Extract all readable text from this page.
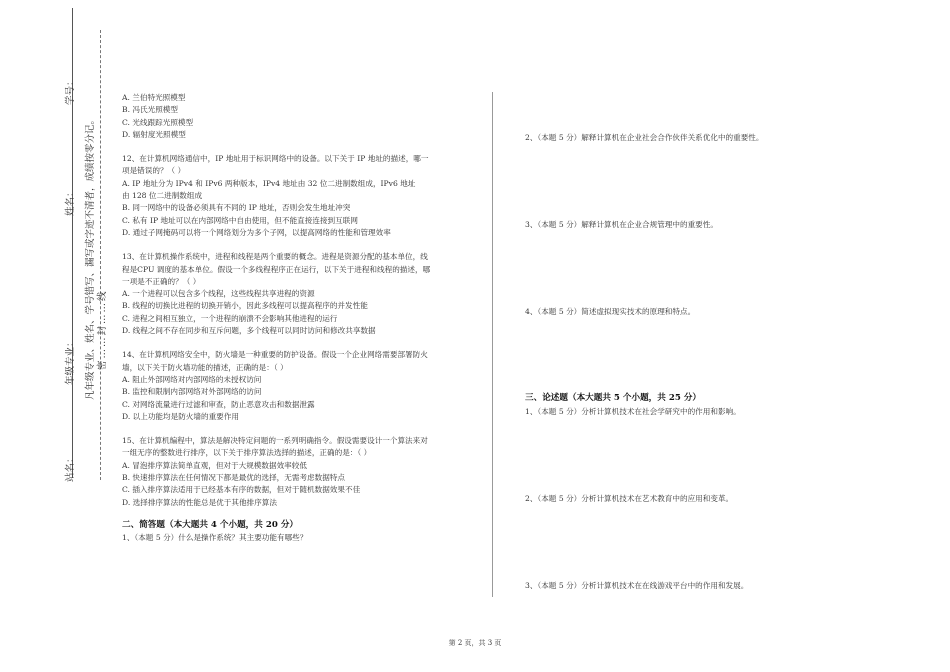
学号：
姓名：
年级专业：
站名：
凡年级专业、姓名、学号错写、漏写或字迹不清者，成绩按零分记。 密……封……线
A. 兰伯特光照模型
B. 冯氏光照模型
C. 光线跟踪光照模型
D. 辐射度光照模型
12、在计算机网络通信中，IP 地址用于标识网络中的设备。以下关于 IP 地址的描述，哪一
项是错误的？（ ）
A. IP 地址分为 IPv4 和 IPv6 两种版本，IPv4 地址由 32 位二进制数组成，IPv6 地址
由 128 位二进制数组成
B. 同一网络中的设备必须具有不同的 IP 地址，否则会发生地址冲突
C. 私有 IP 地址可以在内部网络中自由使用，但不能直接连接到互联网
D. 通过子网掩码可以将一个网络划分为多个子网，以提高网络的性能和管理效率
13、在计算机操作系统中，进程和线程是两个重要的概念。进程是资源分配的基本单位，线
程是CPU 调度的基本单位。假设一个多线程程序正在运行，以下关于进程和线程的描述，哪
一项是不正确的？（ ）
A. 一个进程可以包含多个线程，这些线程共享进程的资源
B. 线程的切换比进程的切换开销小，因此多线程可以提高程序的并发性能
C. 进程之间相互独立，一个进程的崩溃不会影响其他进程的运行
D. 线程之间不存在同步和互斥问题，多个线程可以同时访问和修改共享数据
14、在计算机网络安全中，防火墙是一种重要的防护设备。假设一个企业网络需要部署防火
墙，以下关于防火墙功能的描述，正确的是：（ ）
A. 阻止外部网络对内部网络的未授权访问
B. 监控和限制内部网络对外部网络的访问
C. 对网络流量进行过滤和审查，防止恶意攻击和数据泄露
D. 以上功能均是防火墙的重要作用
15、在计算机编程中，算法是解决特定问题的一系列明确指令。假设需要设计一个算法来对
一组无序的整数进行排序，以下关于排序算法选择的描述，正确的是：（ ）
A. 冒泡排序算法简单直观，但对于大规模数据效率较低
B. 快速排序算法在任何情况下都是最优的选择，无需考虑数据特点
C. 插入排序算法适用于已经基本有序的数据，但对于随机数据效果不佳
D. 选择排序算法的性能总是优于其他排序算法
二、简答题（本大题共 4 个小题，共 20 分）
1、（本题 5 分）什么是操作系统？其主要功能有哪些？
2、（本题 5 分）解释计算机在企业社会合作伙伴关系优化中的重要性。
3、（本题 5 分）解释计算机在企业合规管理中的重要性。
4、（本题 5 分）简述虚拟现实技术的原理和特点。
三、论述题（本大题共 5 个小题，共 25 分）
1、（本题 5 分）分析计算机技术在社会学研究中的作用和影响。
2、（本题 5 分）分析计算机技术在艺术教育中的应用和变革。
3、（本题 5 分）分析计算机技术在在线游戏平台中的作用和发展。
第 2 页，共 3 页
